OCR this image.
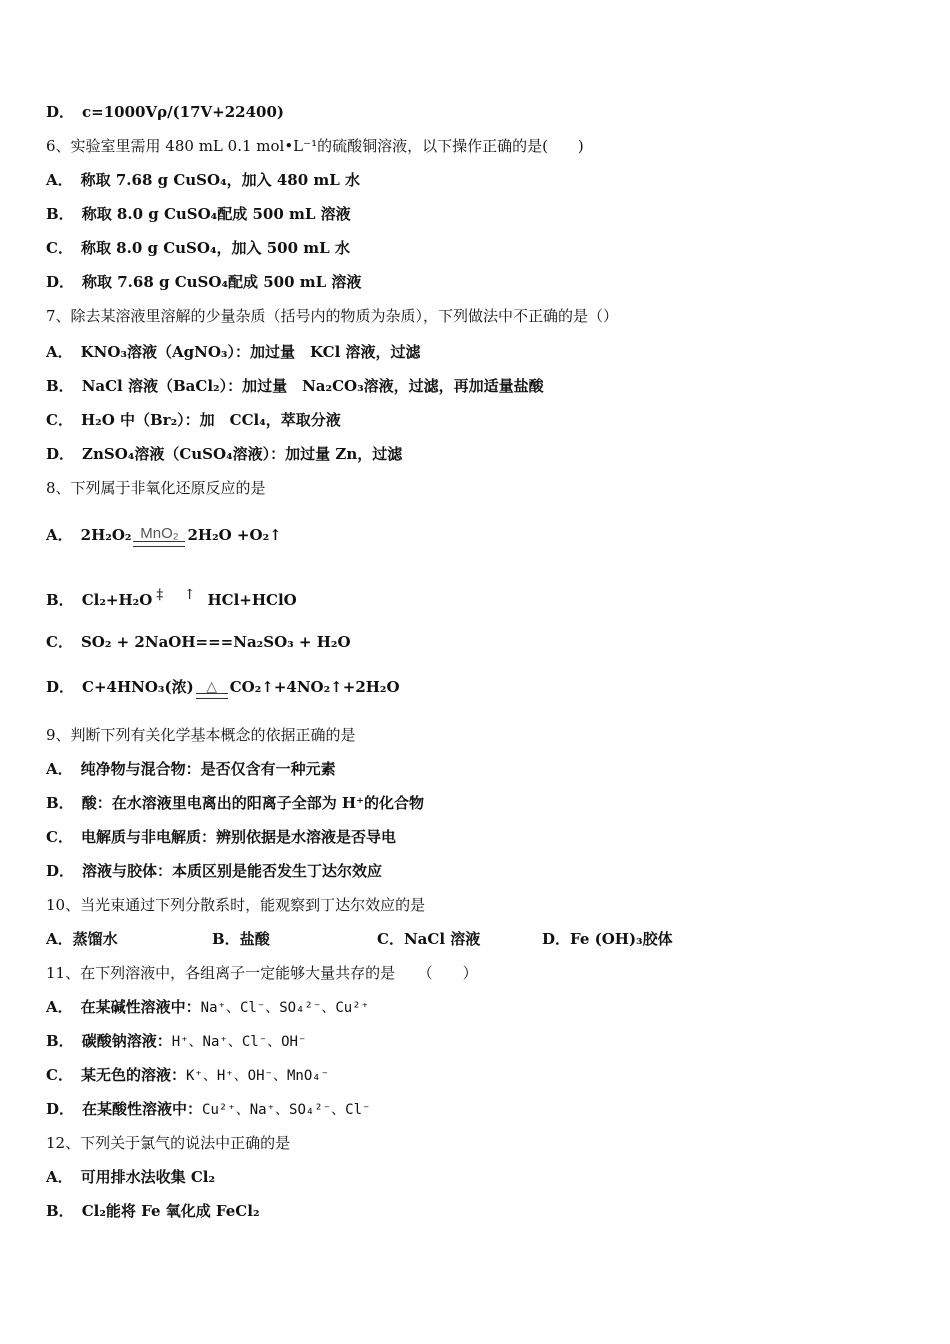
D． c=1000Vρ/(17V+22400)
6、实验室里需用 480 mL 0.1 mol•L⁻¹的硫酸铜溶液，以下操作正确的是(　　)
A． 称取 7.68 g CuSO₄，加入 480 mL 水
B． 称取 8.0 g CuSO₄配成 500 mL 溶液
C． 称取 8.0 g CuSO₄，加入 500 mL 水
D． 称取 7.68 g CuSO₄配成 500 mL 溶液
7、除去某溶液里溶解的少量杂质（括号内的物质为杂质），下列做法中不正确的是（）
A． KNO₃溶液（AgNO₃）：加过量　KCl 溶液，过滤
B． NaCl 溶液（BaCl₂）：加过量　Na₂CO₃溶液，过滤，再加适量盐酸
C． H₂O 中（Br₂）：加　CCl₄，萃取分液
D． ZnSO₄溶液（CuSO₄溶液）：加过量 Zn，过滤
8、下列属于非氧化还原反应的是
A． 2H₂O₂ MnO₂ 2H₂O +O₂↑
B． Cl₂+H₂O ‡ ↑ HCl+HClO
C． SO₂ + 2NaOH===Na₂SO₃ + H₂O
D． C+4HNO₃(浓) △ CO₂↑+4NO₂↑+2H₂O
9、判断下列有关化学基本概念的依据正确的是
A． 纯净物与混合物：是否仅含有一种元素
B． 酸：在水溶液里电离出的阳离子全部为 H⁺的化合物
C． 电解质与非电解质：辨别依据是水溶液是否导电
D． 溶液与胶体：本质区别是能否发生丁达尔效应
10、当光束通过下列分散系时，能观察到丁达尔效应的是
A．蒸馏水	B．盐酸	C．NaCl 溶液	D．Fe (OH)₃胶体
11、在下列溶液中，各组离子一定能够大量共存的是　　（　　）
A． 在某碱性溶液中：Na⁺、Cl⁻、SO₄²⁻、Cu²⁺
B． 碳酸钠溶液：H⁺、Na⁺、Cl⁻、OH⁻
C． 某无色的溶液：K⁺、H⁺、OH⁻、MnO₄⁻
D． 在某酸性溶液中：Cu²⁺、Na⁺、SO₄²⁻、Cl⁻
12、下列关于氯气的说法中正确的是
A． 可用排水法收集 Cl₂
B． Cl₂能将 Fe 氧化成 FeCl₂
